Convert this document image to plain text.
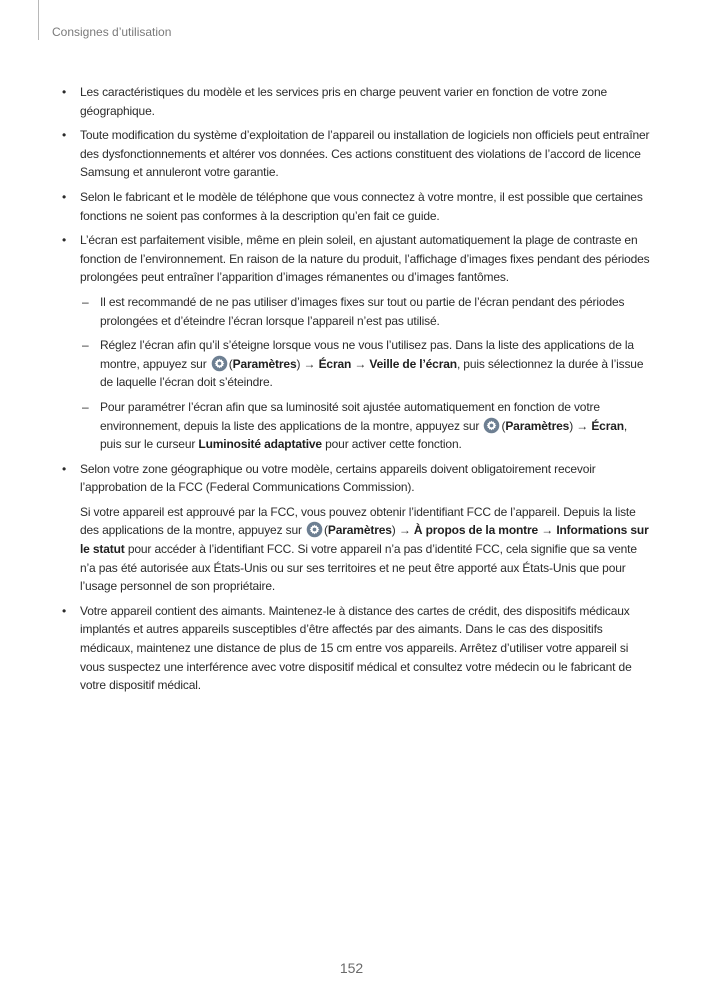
Consignes d’utilisation
• Les caractéristiques du modèle et les services pris en charge peuvent varier en fonction de votre zone géographique.
• Toute modification du système d’exploitation de l’appareil ou installation de logiciels non officiels peut entraîner des dysfonctionnements et altérer vos données. Ces actions constituent des violations de l’accord de licence Samsung et annuleront votre garantie.
• Selon le fabricant et le modèle de téléphone que vous connectez à votre montre, il est possible que certaines fonctions ne soient pas conformes à la description qu’en fait ce guide.
• L’écran est parfaitement visible, même en plein soleil, en ajustant automatiquement la plage de contraste en fonction de l’environnement. En raison de la nature du produit, l’affichage d’images fixes pendant des périodes prolongées peut entraîner l’apparition d’images rémanentes ou d’images fantômes.
– Il est recommandé de ne pas utiliser d’images fixes sur tout ou partie de l’écran pendant des périodes prolongées et d’éteindre l’écran lorsque l’appareil n’est pas utilisé.
– Réglez l’écran afin qu’il s’éteigne lorsque vous ne vous l’utilisez pas. Dans la liste des applications de la montre, appuyez sur (Paramètres) → Écran → Veille de l’écran, puis sélectionnez la durée à l’issue de laquelle l’écran doit s’éteindre.
– Pour paramétrer l’écran afin que sa luminosité soit ajustée automatiquement en fonction de votre environnement, depuis la liste des applications de la montre, appuyez sur (Paramètres) → Écran, puis sur le curseur Luminosité adaptative pour activer cette fonction.
• Selon votre zone géographique ou votre modèle, certains appareils doivent obligatoirement recevoir l’approbation de la FCC (Federal Communications Commission).

Si votre appareil est approuvé par la FCC, vous pouvez obtenir l’identifiant FCC de l’appareil. Depuis la liste des applications de la montre, appuyez sur (Paramètres) → À propos de la montre → Informations sur le statut pour accéder à l’identifiant FCC. Si votre appareil n’a pas d’identité FCC, cela signifie que sa vente n’a pas été autorisée aux États-Unis ou sur ses territoires et ne peut être apporté aux États-Unis que pour l’usage personnel de son propriétaire.

• Votre appareil contient des aimants. Maintenez-le à distance des cartes de crédit, des dispositifs médicaux implantés et autres appareils susceptibles d’être affectés par des aimants. Dans le cas des dispositifs médicaux, maintenez une distance de plus de 15 cm entre vos appareils. Arrêtez d’utiliser votre appareil si vous suspectez une interférence avec votre dispositif médical et consultez votre médecin ou le fabricant de votre dispositif médical.
152
